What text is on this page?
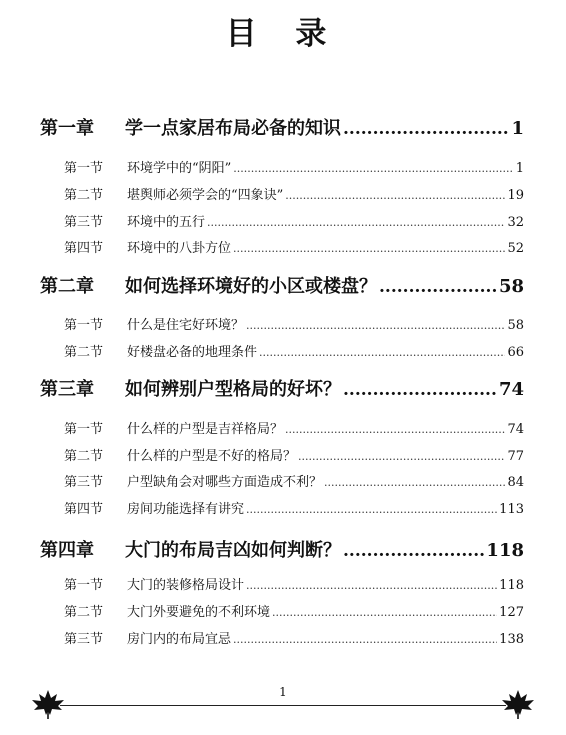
目 录
第一章	学一点家居布局必备的知识 .....	1
第一节	环境学中的“阴阳” .....	1
第二节	堪舆师必须学会的“四象诀” .....	19
第三节	环境中的五行 .....	32
第四节	环境中的八卦方位 .....	52
第二章	如何选择环境好的小区或楼盘？ .....	58
第一节	什么是住宅好环境？ .....	58
第二节	好楼盘必备的地理条件 .....	66
第三章	如何辨别户型格局的好坏？ .....	74
第一节	什么样的户型是吉祥格局？ .....	74
第二节	什么样的户型是不好的格局？ .....	77
第三节	户型缺角会对哪些方面造成不利？ .....	84
第四节	房间功能选择有讲究 .....	113
第四章	大门的布局吉凶如何判断？ .....	118
第一节	大门的装修格局设计 .....	118
第二节	大门外要避免的不利环境 .....	127
第三节	房门内的布局宜忌 .....	138
1
